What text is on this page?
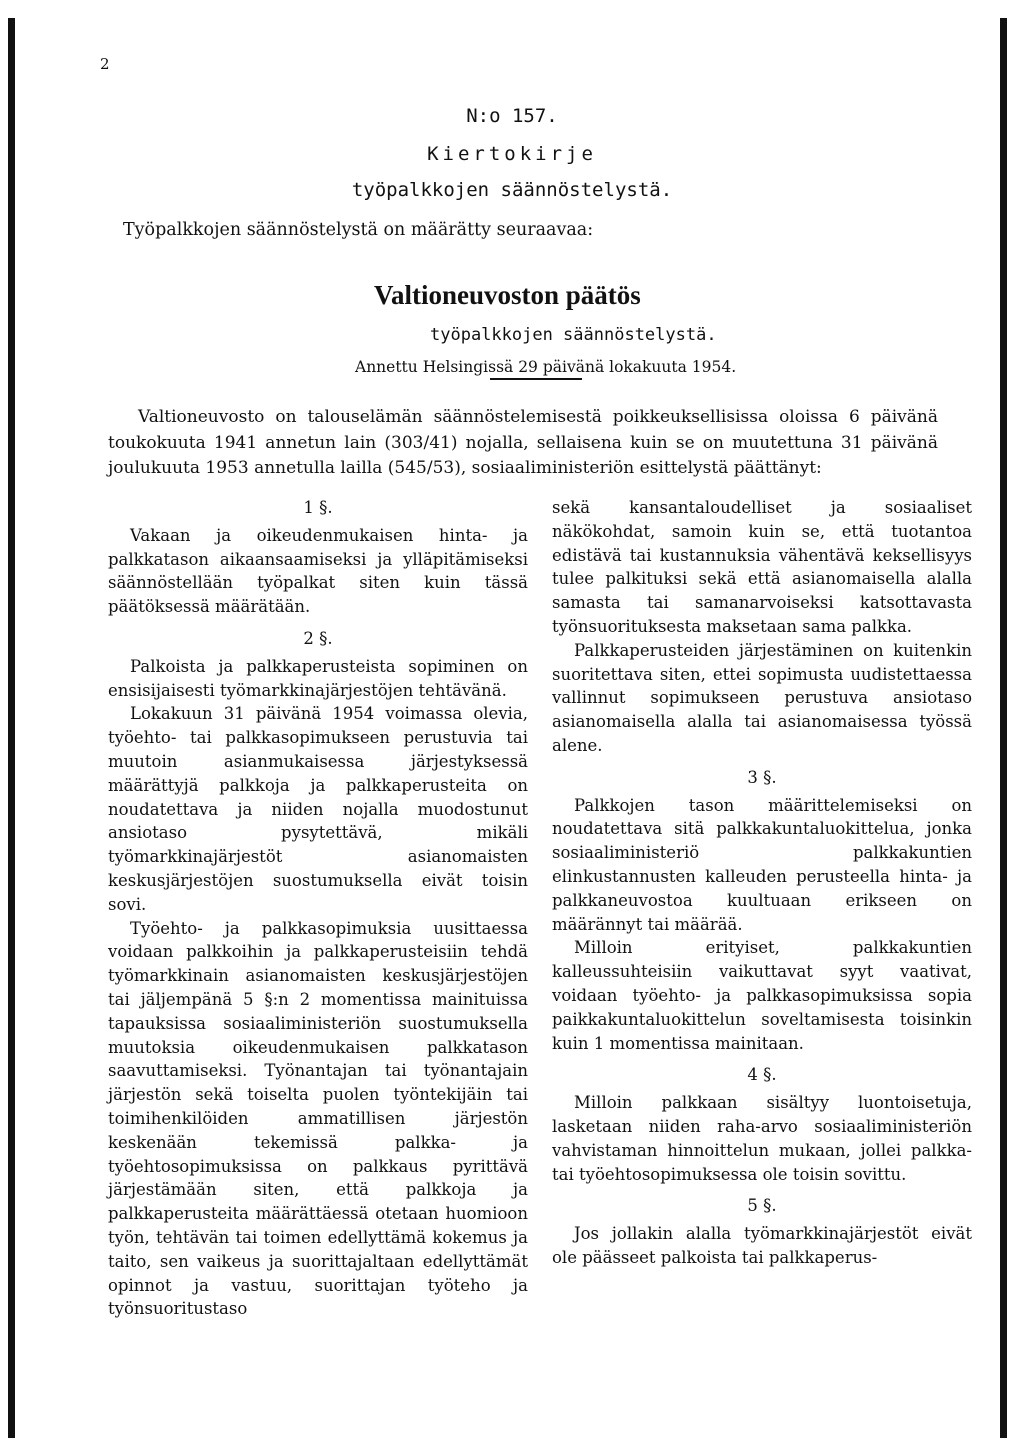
2
N:o 157.
Kiertokirje
työpalkkojen säännöstelystä.
Työpalkkojen säännöstelystä on määrätty seuraavaa:
Valtioneuvoston päätös
työpalkkojen säännöstelystä.
Annettu Helsingissä 29 päivänä lokakuuta 1954.

Valtioneuvosto on talouselämän säännöstelemisestä poikkeuksellisissa oloissa 6 päivänä toukokuuta 1941 annetun lain (303/41) nojalla, sellaisena kuin se on muutettuna 31 päivänä joulukuuta 1953 annetulla lailla (545/53), sosiaaliministeriön esittelystä päättänyt:

1 §.

Vakaan ja oikeudenmukaisen hinta- ja palkkatason aikaansaamiseksi ja ylläpitämiseksi säännöstellään työpalkat siten kuin tässä päätöksessä määrätään.

2 §.

Palkoista ja palkkaperusteista sopiminen on ensisijaisesti työmarkkinajärjestöjen tehtävänä.

Lokakuun 31 päivänä 1954 voimassa olevia, työehto- tai palkkasopimukseen perustuvia tai muutoin asianmukaisessa järjestyksessä määrättyjä palkkoja ja palkkaperusteita on noudatettava ja niiden nojalla muodostunut ansiotaso pysytettävä, mikäli työmarkkinajärjestöt asianomaisten keskusjärjestöjen suostumuksella eivät toisin sovi.

Työehto- ja palkkasopimuksia uusittaessa voidaan palkkoihin ja palkkaperusteisiin tehdä työmarkkinain asianomaisten keskusjärjestöjen tai jäljempänä 5 §:n 2 momentissa mainituissa tapauksissa sosiaaliministeriön suostumuksella muutoksia oikeudenmukaisen palkkatason saavuttamiseksi. Työnantajan tai työnantajain järjestön sekä toiselta puolen työntekijäin tai toimihenkilöiden ammatillisen järjestön keskenään tekemissä palkka- ja työehtosopimuksissa on palkkaus pyrittävä järjestämään siten, että palkkoja ja palkkaperusteita määrättäessä otetaan huomioon työn, tehtävän tai toimen edellyttämä kokemus ja taito, sen vaikeus ja suorittajaltaan edellyttämät opinnot ja vastuu, suorittajan työteho ja työnsuoritustaso

sekä kansantaloudelliset ja sosiaaliset näkökohdat, samoin kuin se, että tuotantoa edistävä tai kustannuksia vähentävä keksellisyys tulee palkituksi sekä että asianomaisella alalla samasta tai samanarvoiseksi katsottavasta työnsuorituksesta maksetaan sama palkka.

Palkkaperusteiden järjestäminen on kuitenkin suoritettava siten, ettei sopimusta uudistettaessa vallinnut sopimukseen perustuva ansiotaso asianomaisella alalla tai asianomaisessa työssä alene.

3 §.

Palkkojen tason määrittelemiseksi on noudatettava sitä palkkakuntaluokittelua, jonka sosiaaliministeriö palkkakuntien elinkustannusten kalleuden perusteella hinta- ja palkkaneuvostoa kuultuaan erikseen on määrännyt tai määrää.

Milloin erityiset, palkkakuntien kalleussuhteisiin vaikuttavat syyt vaativat, voidaan työehto- ja palkkasopimuksissa sopia paikkakuntaluokittelun soveltamisesta toisinkin kuin 1 momentissa mainitaan.

4 §.

Milloin palkkaan sisältyy luontoisetuja, lasketaan niiden raha-arvo sosiaaliministeriön vahvistaman hinnoittelun mukaan, jollei palkka- tai työehtosopimuksessa ole toisin sovittu.

5 §.

Jos jollakin alalla työmarkkinajärjestöt eivät ole päässeet palkoista tai palkkaperus-
